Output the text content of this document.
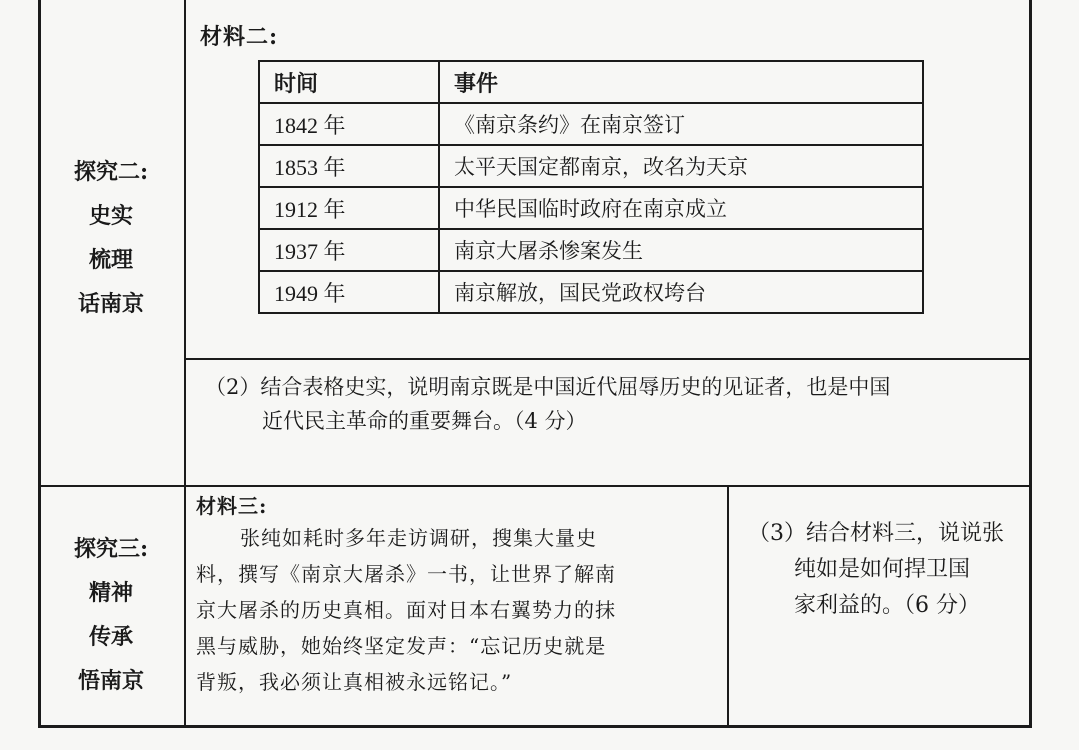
探究二:
史实
梳理
话南京
材料二:
时间	事件
1842 年	《南京条约》在南京签订
1853 年	太平天国定都南京，改名为天京
1912 年	中华民国临时政府在南京成立
1937 年	南京大屠杀惨案发生
1949 年	南京解放，国民党政权垮台
（2）结合表格史实，说明南京既是中国近代屈辱历史的见证者，也是中国
近代民主革命的重要舞台。（4 分）
探究三:
精神
传承
悟南京
材料三:
张纯如耗时多年走访调研，搜集大量史
料，撰写《南京大屠杀》一书，让世界了解南
京大屠杀的历史真相。面对日本右翼势力的抹
黑与威胁，她始终坚定发声：“忘记历史就是
背叛，我必须让真相被永远铭记。”
（3）结合材料三，说说张
纯如是如何捍卫国
家利益的。（6 分）
